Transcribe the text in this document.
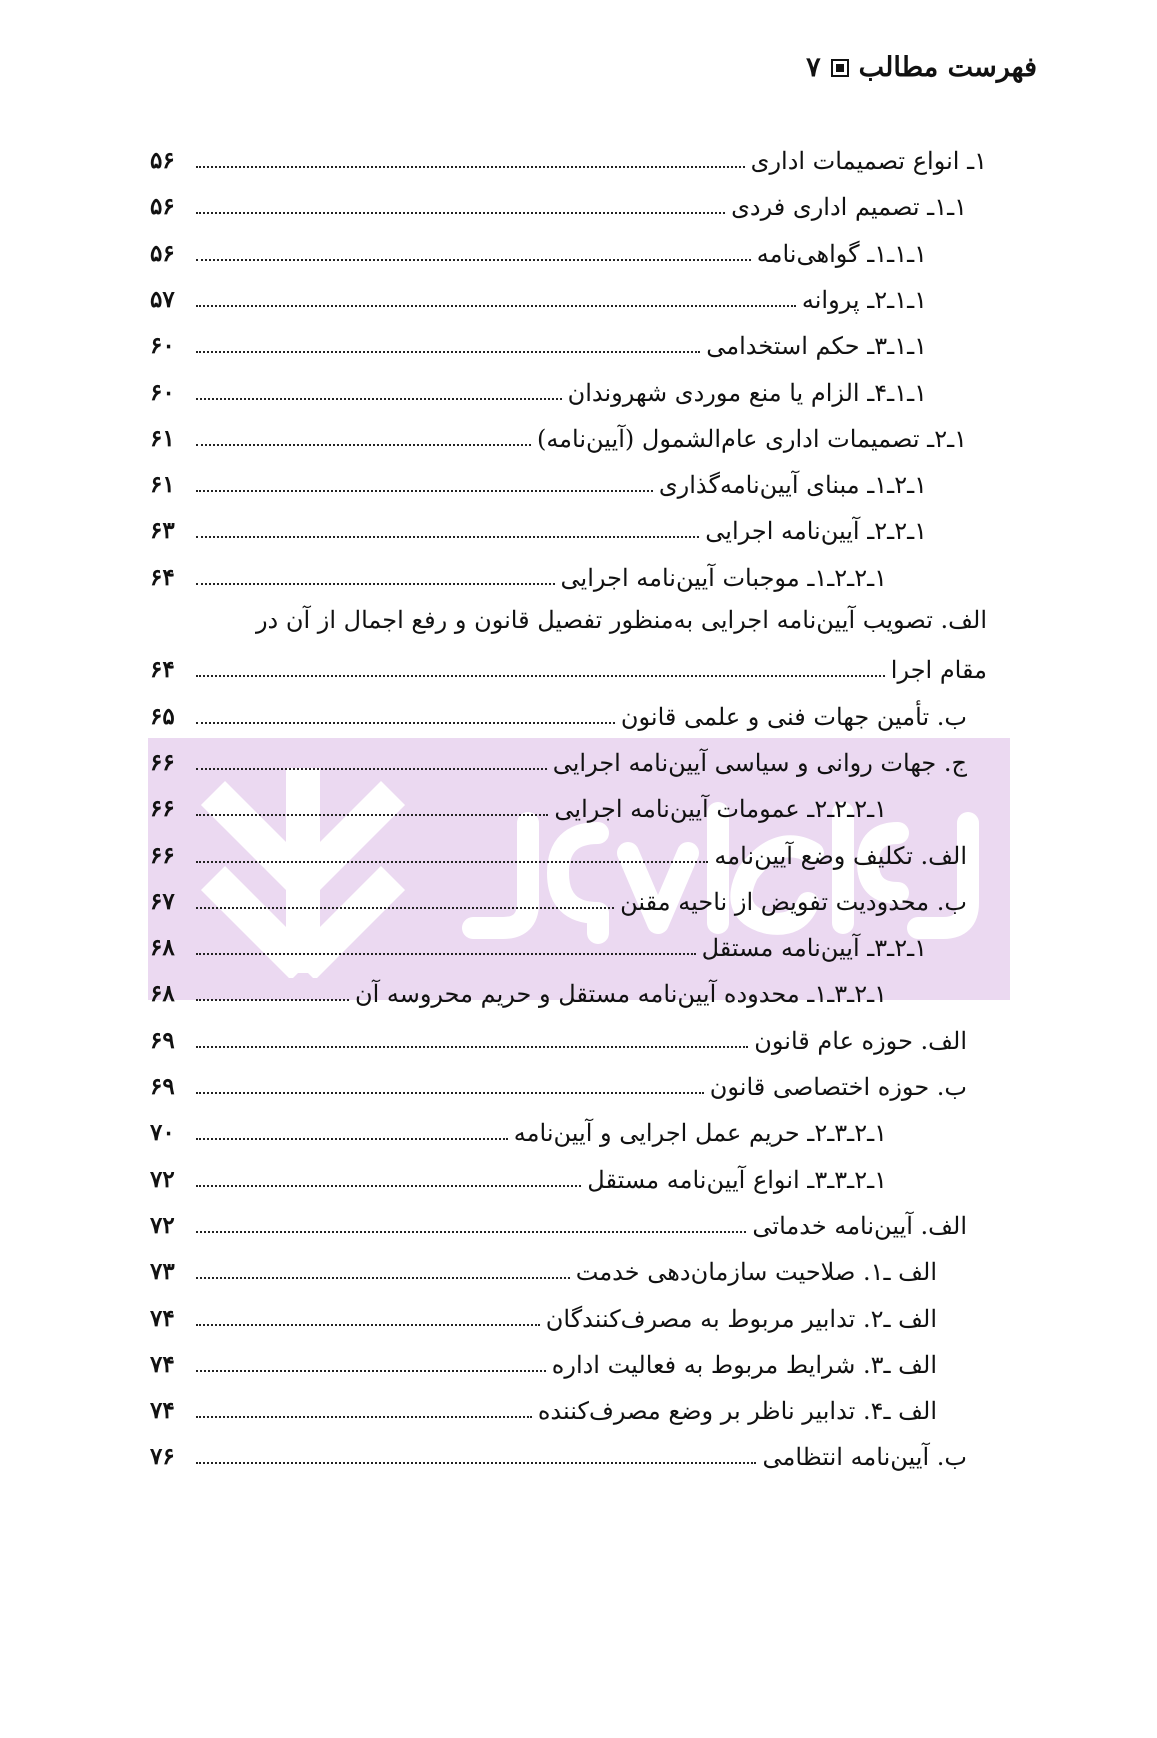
۷ فهرست مطالب
۱ـ انواع تصمیمات اداری
۵۶
۱ـ۱ـ تصمیم اداری فردی
۵۶
۱ـ۱ـ۱ـ گواهی‌نامه
۵۶
۱ـ۱ـ۲ـ پروانه
۵۷
۱ـ۱ـ۳ـ حکم استخدامی
۶۰
۱ـ۱ـ۴ـ الزام یا منع موردی شهروندان
۶۰
۱ـ۲ـ تصمیمات اداری عام‌الشمول (آیین‌نامه)
۶۱
۱ـ۲ـ۱ـ مبنای آیین‌نامه‌گذاری
۶۱
۱ـ۲ـ۲ـ آیین‌نامه اجرایی
۶۳
۱ـ۲ـ۲ـ۱ـ موجبات آیین‌نامه اجرایی
۶۴
الف. تصویب آیین‌نامه اجرایی به‌منظور تفصیل قانون و رفع اجمال از آن در
مقام اجرا
۶۴
ب. تأمین جهات فنی و علمی قانون
۶۵
ج. جهات روانی و سیاسی آیین‌نامه اجرایی
۶۶
۱ـ۲ـ۲ـ۲ـ عمومات آیین‌نامه اجرایی
۶۶
الف. تکلیف وضع آیین‌نامه
۶۶
ب. محدودیت تفویض از ناحیه مقنن
۶۷
۱ـ۲ـ۳ـ آیین‌نامه مستقل
۶۸
۱ـ۲ـ۳ـ۱ـ محدوده آیین‌نامه مستقل و حریم محروسه آن
۶۸
الف. حوزه عام قانون
۶۹
ب. حوزه اختصاصی قانون
۶۹
۱ـ۲ـ۳ـ۲ـ حریم عمل اجرایی و آیین‌نامه
۷۰
۱ـ۲ـ۳ـ۳ـ انواع آیین‌نامه مستقل
۷۲
الف. آیین‌نامه خدماتی
۷۲
الف ـ۱. صلاحیت سازمان‌دهی خدمت
۷۳
الف ـ۲. تدابیر مربوط به مصرف‌کنندگان
۷۴
الف ـ۳. شرایط مربوط به فعالیت اداره
۷۴
الف ـ۴. تدابیر ناظر بر وضع مصرف‌کننده
۷۴
ب. آیین‌نامه انتظامی
۷۶
